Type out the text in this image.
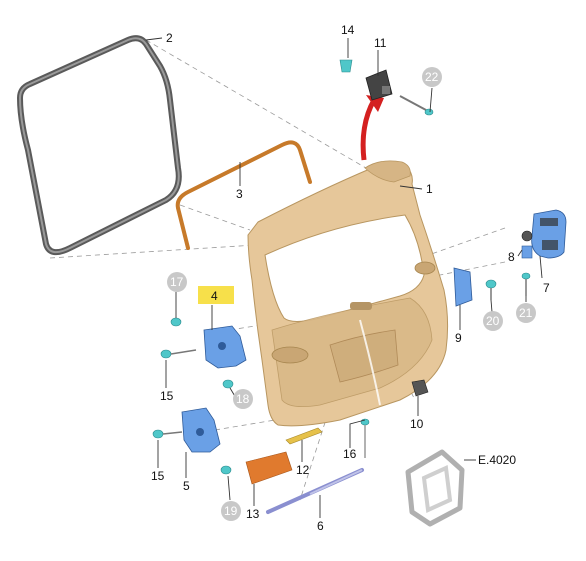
2
3	1
4
5
6
7
8
9
10
11
12
13
14
15
15
16
17
18
19
20
21
22
E.4020
